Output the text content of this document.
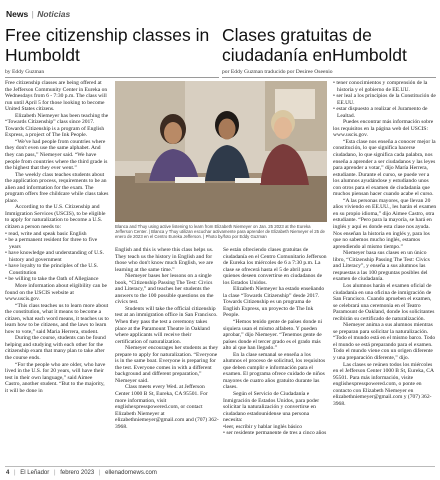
News | Noticias
Free citizenship classes in Humboldt
Clases gratuitas de ciudadanía enHumboldt
by Eddy Guzman	por Eddy Guzman traducido por Desiree Oseenio

Free citizenship classes are being offered at the Jefferson Community Center in Eureka on Wednesdays from 6 - 7:30 p.m. The class will run until April 5 for those looking to become United States citizens.

Elizabeth Niemeyer has been teaching the “Towards Citizenship” class since 2017. Towards Citizenship is a program of English Express, a project of The Ink People.

“We've had people from countries where they don't even use the same alphabet. And they can pass,” Niemeyer said. “We have people from countries where the third grade is the highest that they ever went.”

The weekly class teaches students about the application process, requirements to be an alien and information for the exam. The program offers free childcare while class takes place.

According to the U.S. Citizenship and Immigration Services (USCIS), to be eligible to apply for naturalization to become a U.S. citizen a person needs to:

• read, write and speak basic English
• be a permanent resident for three to five years
• have knowledge and understanding of U.S. history and government
• have loyalty to the principles of the U.S. Constitution
• be willing to take the Oath of Allegiance

More information about eligibility can be found on the USCIS website at www.uscis.gov.

“This class teaches us to learn more about the constitution, what it means to become a citizen, what each word means, it teaches us to learn how to be citizens, and the laws to learn how to vote,” said Maria Herrera, student.

During the course, students can be found helping and studying with each other for the citizenship exam that many plan to take after the course ends.

“For the people who are older, who have lived in the U.S. for 20 years, will have their test in their own language,” said Aimee Castro, another student. “But to the majority, it will be done in

Blanca and Thuy using active listening to learn from Elizabeth Niemeyer on Jan. 25 2023 at the Eureka Jefferson Center. | Blanca y Thuy utilizan escuchar activamente para aprender de Elizabeth Niemeyer el 25 de enero de 2023 en el Centro Eureka Jefferson. | Photo by/foto por Eddy Guzman

English and this is where this class helps us. They teach us the history in English and for those who don't know much English, we are learning at the same time.”

Niemeyer bases her lessons on a single book, “Citizenship Passing The Test: Civics and Literacy,” and teaches her students the answers to the 100 possible questions on the civics test.

Students will take the official citizenship test at an immigration office in San Francisco. When they pass the test a ceremony takes place at the Paramount Theatre in Oakland where applicants will receive their certification of naturalization.

Niemeyer encourages her students as they prepare to apply for naturalization. “Everyone is in the same boat. Everyone is preparing for the test. Everyone comes in with a different background and different preparation,” Niemeyer said.

Class meets every Wed. at Jefferson Center 1000 B St, Eureka, CA 95501. For more information, visit englishexpresspowered.com, or contact Elizabeth Niemeyer at elizabethniemeyer@gmail.com and (707) 362-3968.

Se están ofreciendo clases gratuitas de ciudadanía en el Centro Comunitario Jefferson de Eureka los miércoles de 6 a 7:30 p.m. La clase se ofrecerá hasta el 5 de abril para quienes deseen convertirse en ciudadanos de los Estados Unidos.

Elizabeth Niemeyer ha estado enseñando la clase “Towards Citizenship” desde 2017. Towards Citizenship es un programa de English Express, un proyecto de The Ink People.

“Hemos tenido gente de países donde ni siquiera usan el mismo alfabeto. Y pueden aprobar,” dijo Niemeyer. “Tenemos gente de países donde el tercer grado es el grado más alto al que han llegado.”

En la clase semanal se enseña a los alumnos el proceso de solicitud, los requisitos que deben cumplir e información para el examen. El programa ofrece cuidado de niños mayores de cuatro años gratuito durante las clases.

Según el Servicio de Ciudadanía e Inmigración de Estados Unidos, para poder solicitar la naturalización y convertirse en ciudadano estadounidense una persona necesita:

•leer, escribir y hablar inglés básico
• ser residente permanente de tres a cinco años
• tener conocimientos y comprensión de la historia y el gobierno de EE.UU.
• ser leal a los principios de la Constitución de EE.UU.
• estar dispuesto a realizar el Juramento de Lealtad.

Puedes encontrar más información sobre los requisitos en la página web del USCIS: www.uscis.gov.

“Esta clase nos enseña a conocer mejor la constitución, lo que significa hacerse ciudadano, lo que significa cada palabra, nos enseña a aprender a ser ciudadanos y las leyes para aprender a votar,” dijo María Herrera, estudiante. Durante el curso, se puede ver a los alumnos ayudándose y estudiando unos con otros para el examen de ciudadanía que muchos piensan hacer cuando acabe el curso.

“A las personas mayores, que llevan 20 años viviendo en EE.UU., les harán el examen en su propio idioma,” dijo Aimee Castro, otra estudiante. “Pero para la mayoría, se hará en inglés y aquí es donde esta clase nos ayuda. Nos enseñan la historia en inglés y, para los que no sabemos mucho inglés, estamos aprendiendo al mismo tiempo.”

Niemeyer basa sus clases en un único libro, “Citizenship Passing The Test: Civics and Literacy”, y enseña a sus alumnos las respuestas a las 100 preguntas posibles del examen de ciudadanía.

Los alumnos harán el examen oficial de ciudadanía en una oficina de inmigración de San Francisco. Cuando aprueben el examen, se celebrará una ceremonia en el Teatro Paramount de Oakland, donde los solicitantes recibirán su certificado de naturalización.

Niemeyer anima a sus alumnos mientras se preparan para solicitar la naturalización. “Todo el mundo está en el mismo barco. Todo el mundo se está preparando para el examen. Todo el mundo viene con un origen diferente y una preparación diferente,” dijo.

Las clases se reúnen todos los miércoles en el Jefferson Center 1000 B St, Eureka, CA 95501. Para más información, visite englishexpresspowered.com, o ponte en contacto con Elizabeth Niemeyer en elizabethniemeyer@gmail.com y (707) 362-3968.

4 | El Leñador | febrero 2023 | ellenadornews.com
